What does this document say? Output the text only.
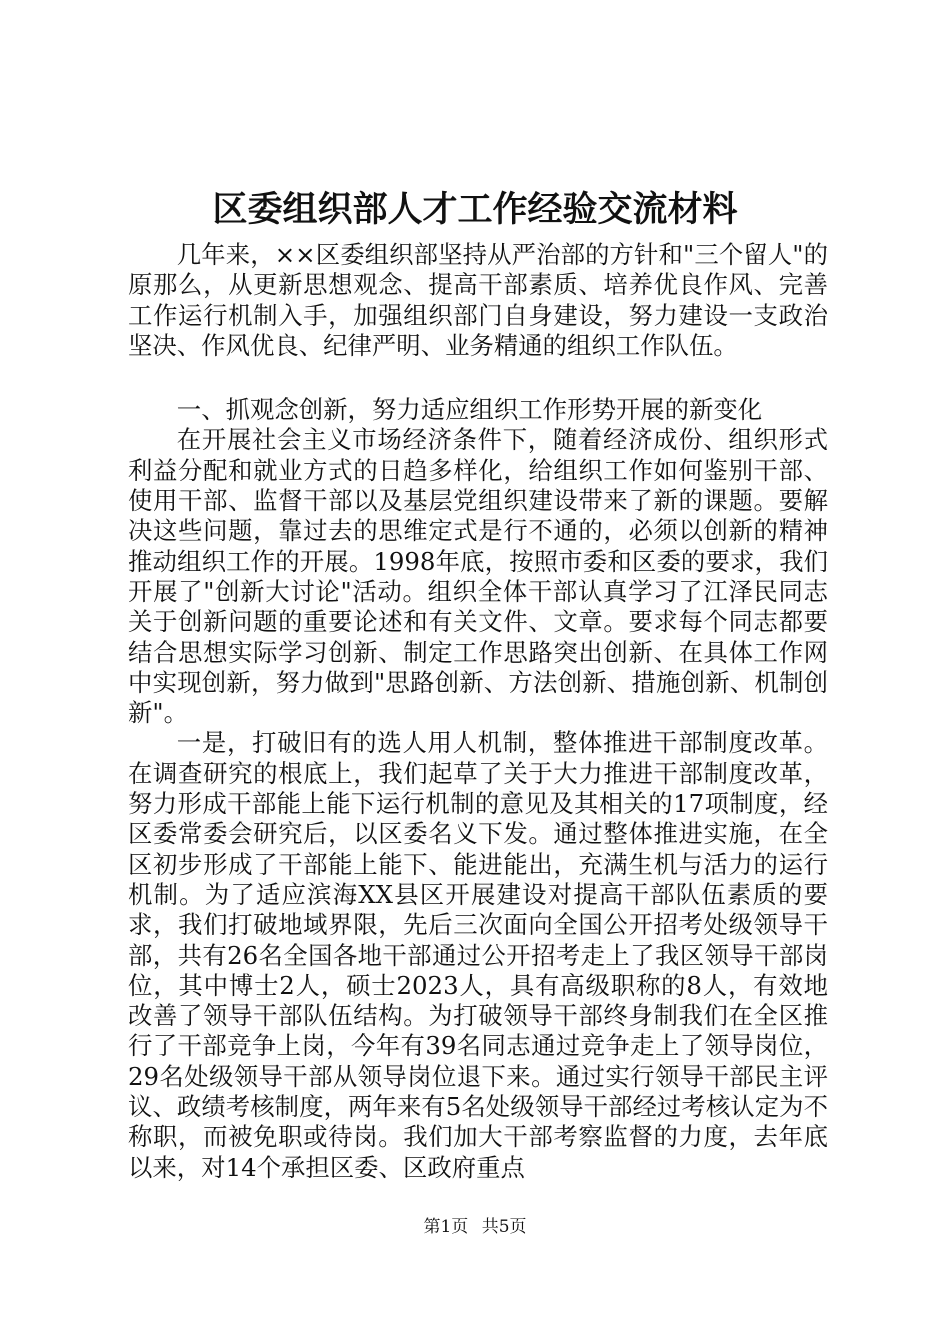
区委组织部人才工作经验交流材料

几年来，××区委组织部坚持从严治部的方针和"三个留人"的原那么，从更新思想观念、提高干部素质、培养优良作风、完善工作运行机制入手，加强组织部门自身建设，努力建设一支政治坚决、作风优良、纪律严明、业务精通的组织工作队伍。

一、抓观念创新，努力适应组织工作形势开展的新变化

在开展社会主义市场经济条件下，随着经济成份、组织形式利益分配和就业方式的日趋多样化，给组织工作如何鉴别干部、使用干部、监督干部以及基层党组织建设带来了新的课题。要解决这些问题，靠过去的思维定式是行不通的，必须以创新的精神推动组织工作的开展。1998年底，按照市委和区委的要求，我们开展了"创新大讨论"活动。组织全体干部认真学习了江泽民同志关于创新问题的重要论述和有关文件、文章。要求每个同志都要结合思想实际学习创新、制定工作思路突出创新、在具体工作网中实现创新，努力做到"思路创新、方法创新、措施创新、机制创新"。

一是，打破旧有的选人用人机制，整体推进干部制度改革。在调查研究的根底上，我们起草了关于大力推进干部制度改革，努力形成干部能上能下运行机制的意见及其相关的17项制度，经区委常委会研究后，以区委名义下发。通过整体推进实施，在全区初步形成了干部能上能下、能进能出，充满生机与活力的运行机制。为了适应滨海XX县区开展建设对提高干部队伍素质的要求，我们打破地域界限，先后三次面向全国公开招考处级领导干部，共有26名全国各地干部通过公开招考走上了我区领导干部岗位，其中博士2人，硕士2023人，具有高级职称的8人，有效地改善了领导干部队伍结构。为打破领导干部终身制我们在全区推行了干部竞争上岗，今年有39名同志通过竞争走上了领导岗位，29名处级领导干部从领导岗位退下来。通过实行领导干部民主评议、政绩考核制度，两年来有5名处级领导干部经过考核认定为不称职，而被免职或待岗。我们加大干部考察监督的力度，去年底以来，对14个承担区委、区政府重点

第1页 共5页
